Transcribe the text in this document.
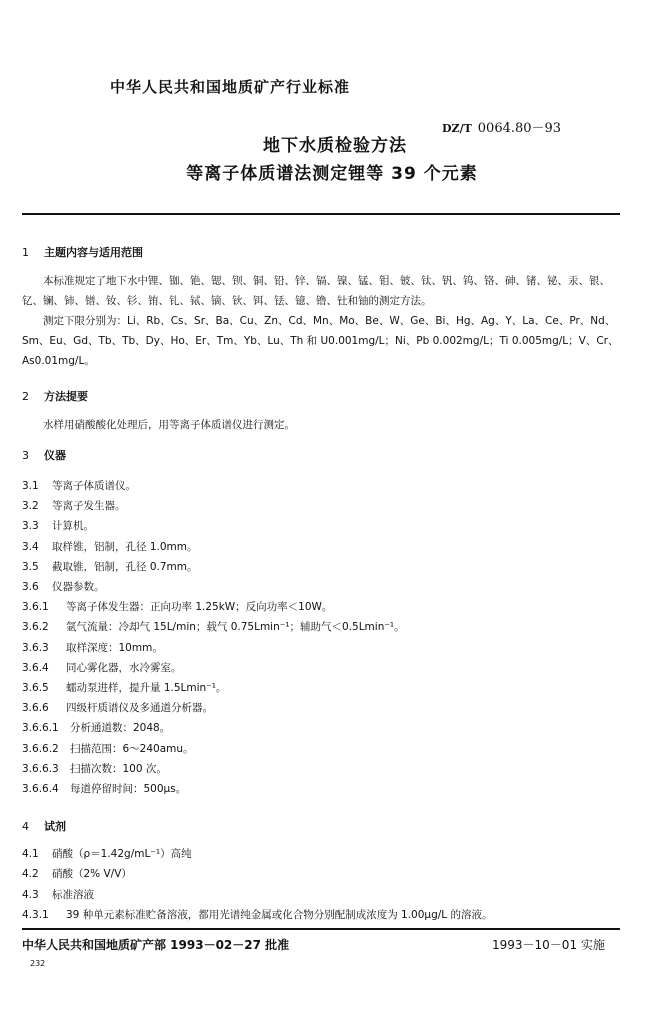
中华人民共和国地质矿产行业标准
DZ/T 0064.80－93
地下水质检验方法
等离子体质谱法测定锂等 39 个元素
1 主题内容与适用范围

本标准规定了地下水中锂、铷、铯、锶、钡、铜、铅、锌、镉、镍、锰、钼、铍、钛、钒、钨、铬、砷、锗、铋、汞、银、钇、镧、铈、镨、钕、钐、铕、钆、铽、镝、钬、铒、铥、镱、镥、钍和铀的测定方法。

测定下限分别为：Li、Rb、Cs、Sr、Ba、Cu、Zn、Cd、Mn、Mo、Be、W、Ge、Bi、Hg、Ag、Y、La、Ce、Pr、Nd、Sm、Eu、Gd、Tb、Tb、Dy、Ho、Er、Tm、Yb、Lu、Th 和 U0.001mg/L；Ni、Pb 0.002mg/L；Ti 0.005mg/L；V、Cr、As0.01mg/L。

2 方法提要

水样用硝酸酸化处理后，用等离子体质谱仪进行测定。

3 仪器
3.1 等离子体质谱仪。
3.2 等离子发生器。
3.3 计算机。
3.4 取样锥，铝制，孔径 1.0mm。
3.5 截取锥，铝制，孔径 0.7mm。
3.6 仪器参数。
3.6.1 等离子体发生器：正向功率 1.25kW；反向功率＜10W。
3.6.2 氩气流量：冷却气 15L/min；载气 0.75Lmin⁻¹；辅助气＜0.5Lmin⁻¹。
3.6.3 取样深度：10mm。
3.6.4 同心雾化器，水冷雾室。
3.6.5 蠕动泵进样，提升量 1.5Lmin⁻¹。
3.6.6 四级杆质谱仪及多通道分析器。
3.6.6.1 分析通道数：2048。
3.6.6.2 扫描范围：6～240amu。
3.6.6.3 扫描次数：100 次。
3.6.6.4 每道停留时间：500μs。
4 试剂
4.1 硝酸（ρ＝1.42g/mL⁻¹）高纯
4.2 硝酸（2% V/V）
4.3 标准溶液
4.3.1 39 种单元素标准贮备溶液，都用光谱纯金属或化合物分别配制成浓度为 1.00μg/L 的溶液。
中华人民共和国地质矿产部 1993－02－27 批准	1993－10－01 实施
232
